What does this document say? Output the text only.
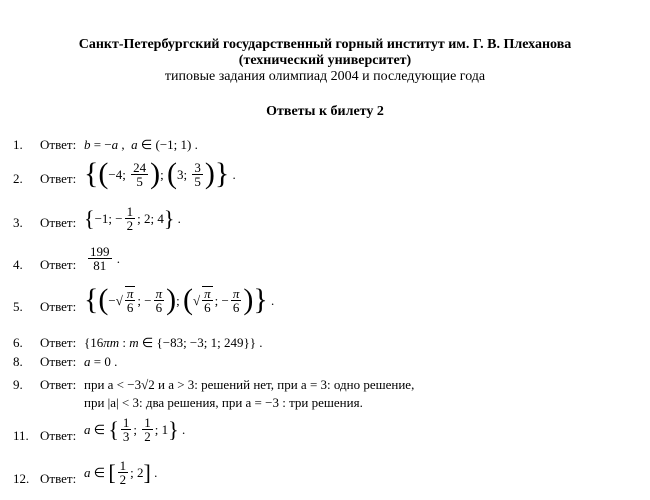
Санкт-Петербургский государственный горный институт им. Г. В. Плеханова
(технический университет)
типовые задания олимпиад 2004 и последующие года
Ответы к билету 2
1. Ответ: b = − a , a ∈ (−1; 1) .
2. Ответ: { ( −4; $\frac{24}{5}$ ) ; ( 3; $\frac{3}{5}$ ) } .
3. Ответ: { −1; − $\frac{1}{2}$ ; 2; 4 } .
4. Ответ: $\frac{199}{81}$ .
5. Ответ: { ( −√ $\frac{\pi}{6}$ ; − $\frac{\pi}{6}$ ) ; ( √ $\frac{\pi}{6}$ ; − $\frac{\pi}{6}$ ) } .
6. Ответ: {16 πm : m ∈ {−83; −3; 1; 249}} .
8. Ответ: a = 0 .
9. Ответ: при a < −3√2 и a > 3: решений нет, при a = 3: одно решение,
при |a| < 3: два решения, при a = −3 : три решения.
11. Ответ: a ∈ { $\frac{1}{3}$ ; $\frac{1}{2}$ ; 1 } .
12. Ответ: a ∈ [ $\frac{1}{2}$ ; 2 ] .
